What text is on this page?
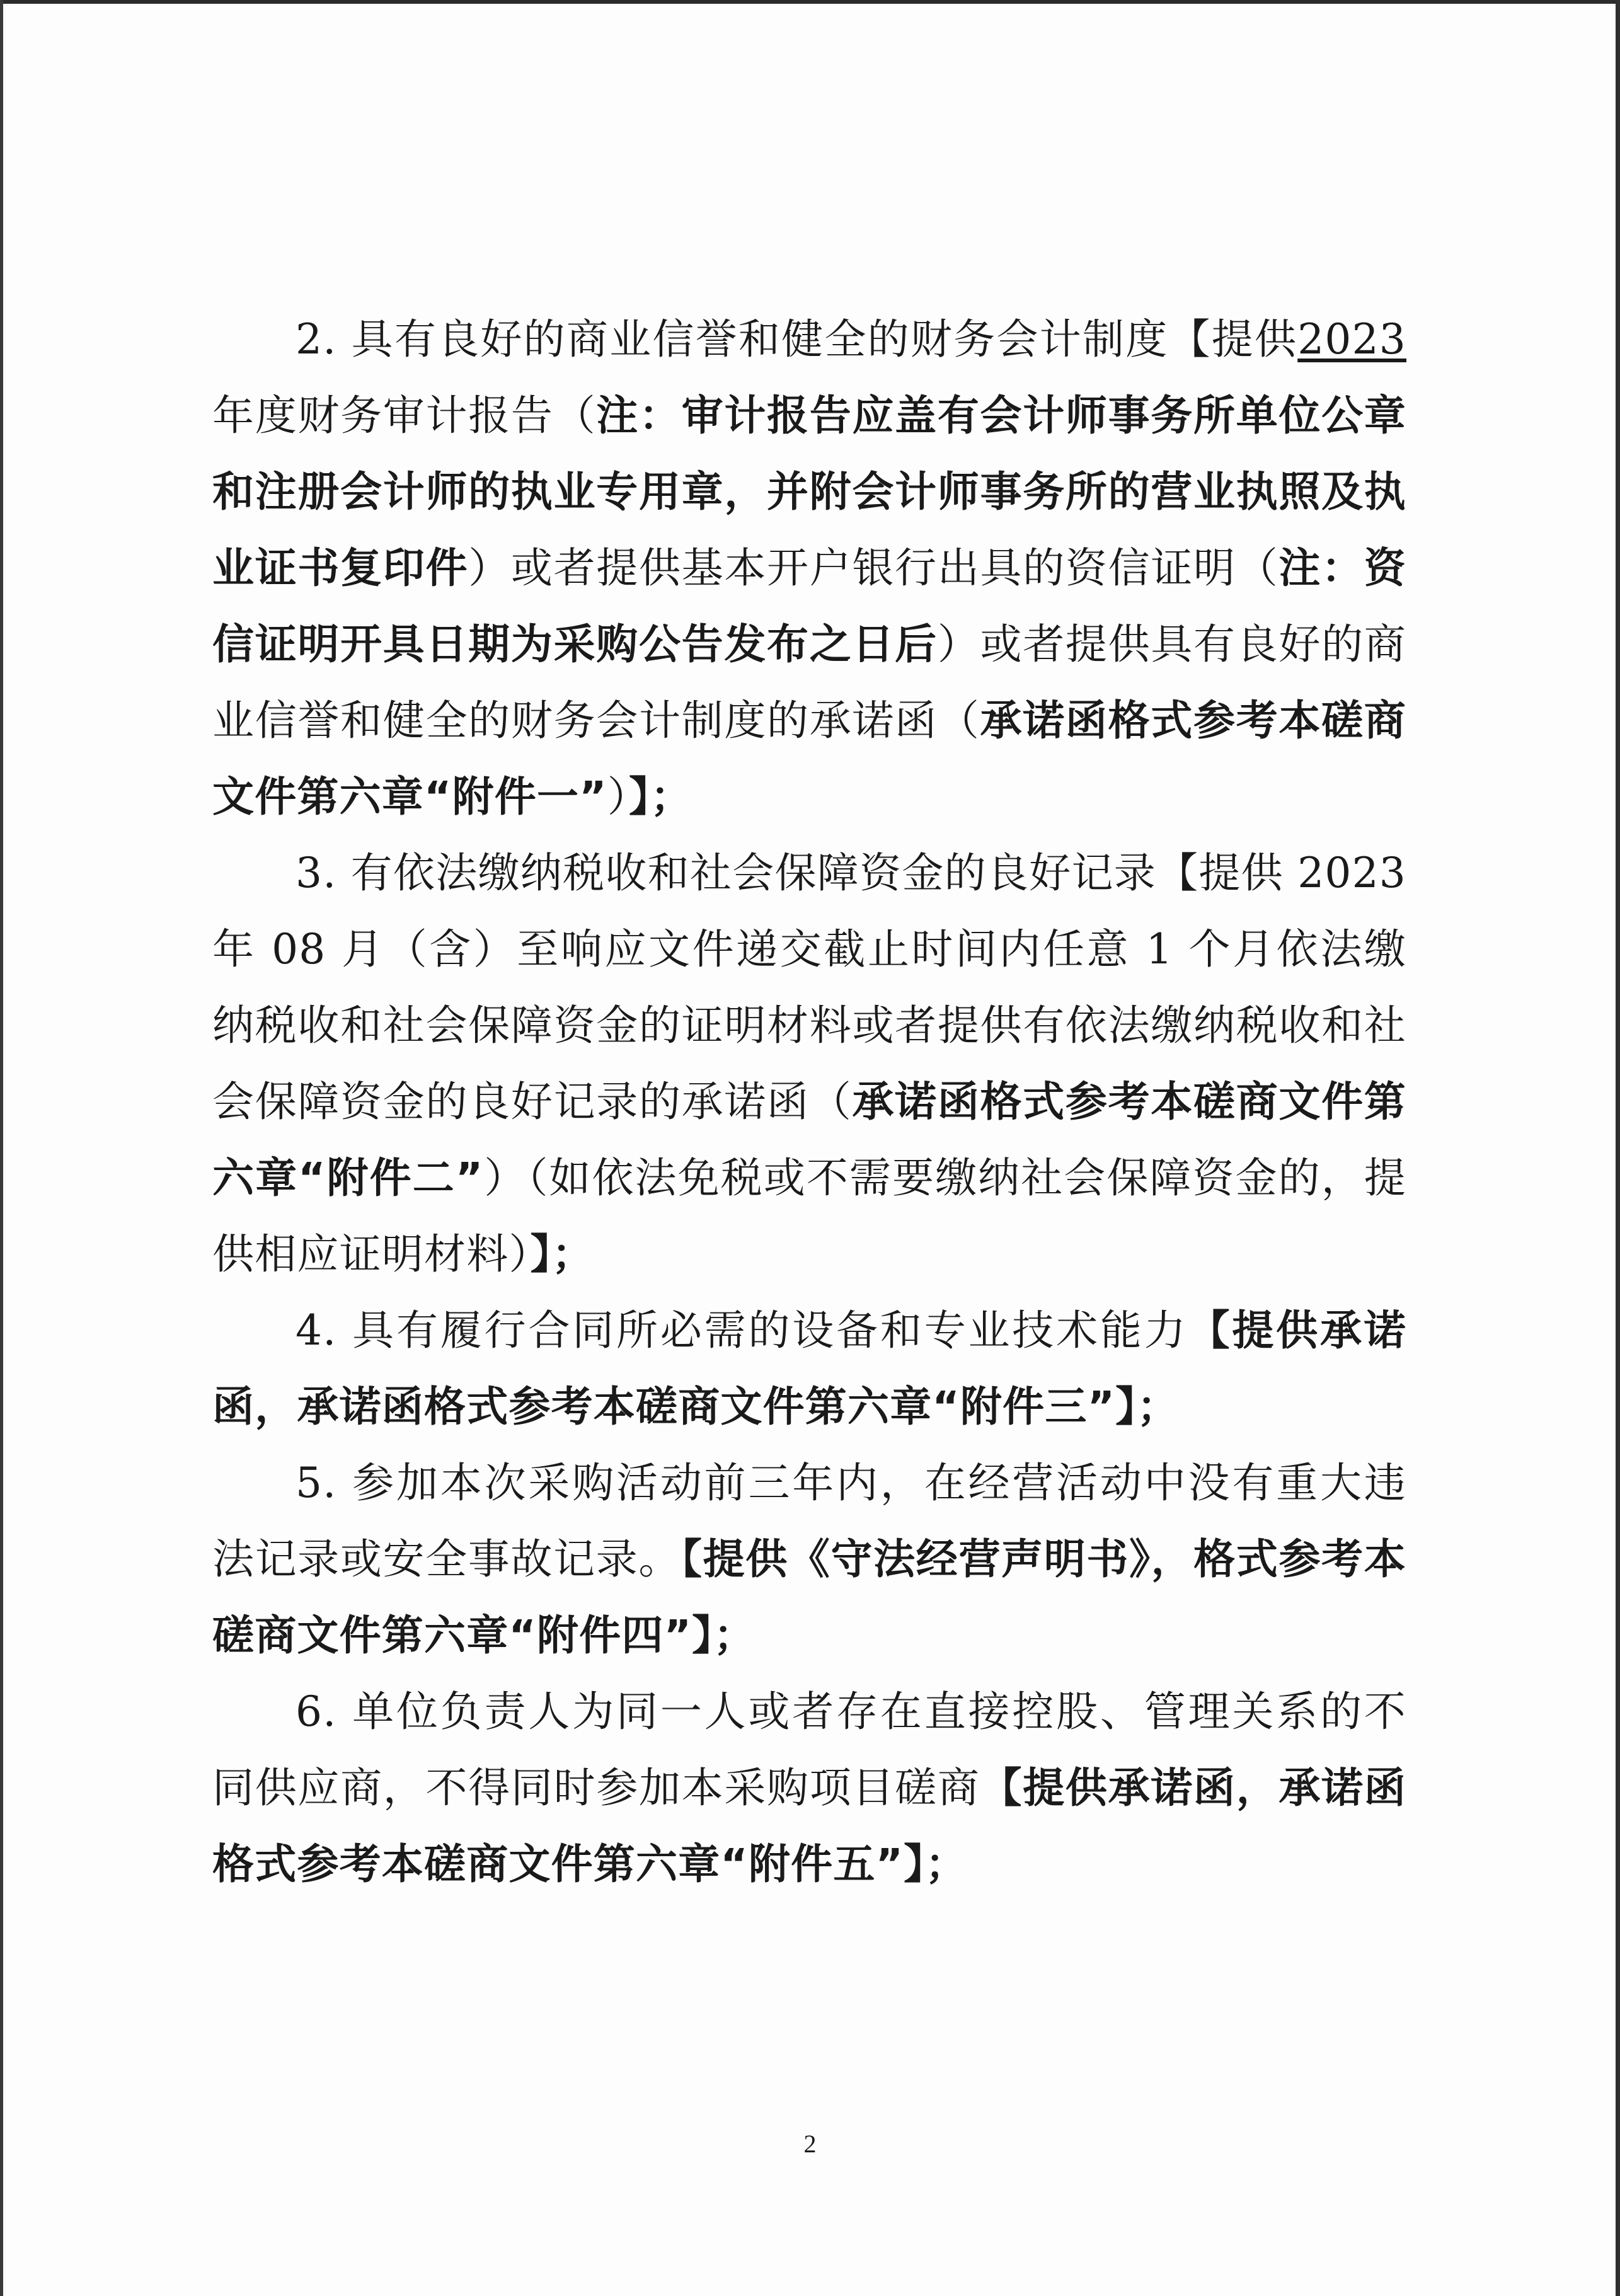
2. 具有良好的商业信誉和健全的财务会计制度【提供2023年度财务审计报告（注：审计报告应盖有会计师事务所单位公章和注册会计师的执业专用章，并附会计师事务所的营业执照及执业证书复印件）或者提供基本开户银行出具的资信证明（注：资信证明开具日期为采购公告发布之日后）或者提供具有良好的商业信誉和健全的财务会计制度的承诺函（承诺函格式参考本磋商文件第六章“附件一”）】；

3. 有依法缴纳税收和社会保障资金的良好记录【提供 2023 年 08 月（含）至响应文件递交截止时间内任意 1 个月依法缴纳税收和社会保障资金的证明材料或者提供有依法缴纳税收和社会保障资金的良好记录的承诺函（承诺函格式参考本磋商文件第六章“附件二”）（如依法免税或不需要缴纳社会保障资金的，提供相应证明材料）】；

4. 具有履行合同所必需的设备和专业技术能力【提供承诺函，承诺函格式参考本磋商文件第六章“附件三”】；

5. 参加本次采购活动前三年内，在经营活动中没有重大违法记录或安全事故记录。【提供《守法经营声明书》，格式参考本磋商文件第六章“附件四”】；

6. 单位负责人为同一人或者存在直接控股、管理关系的不同供应商，不得同时参加本采购项目磋商【提供承诺函，承诺函格式参考本磋商文件第六章“附件五”】；

2
